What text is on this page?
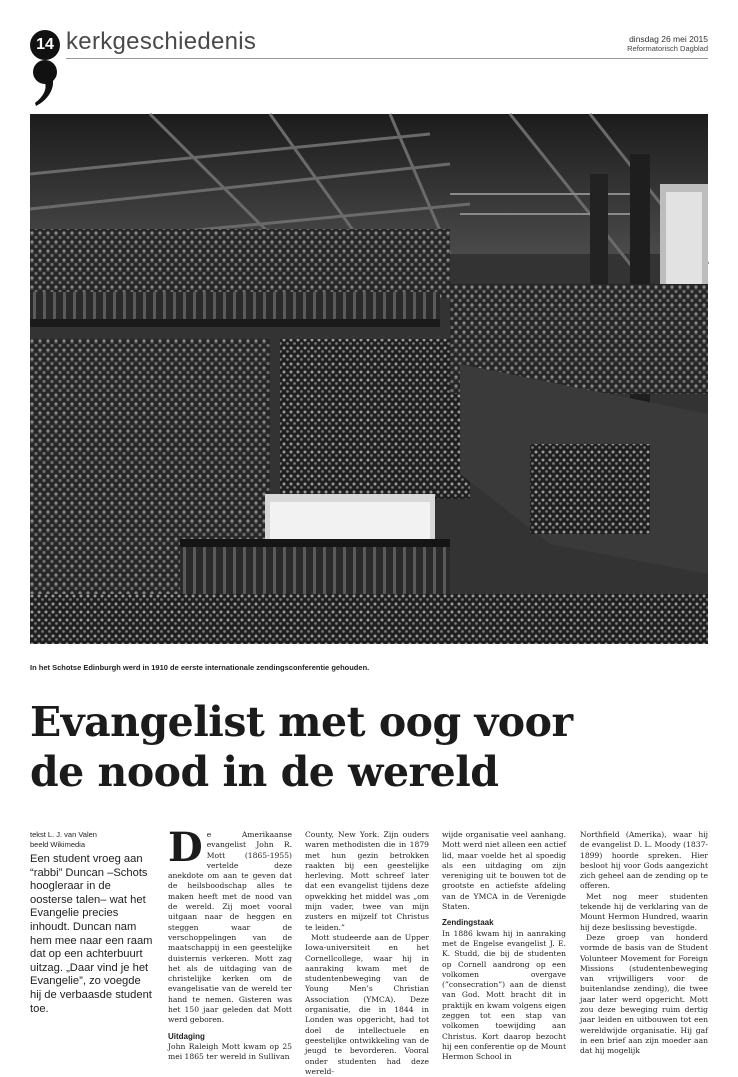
14 kerkgeschiedenis	dinsdag 26 mei 2015
Reformatorisch Dagblad
In het Schotse Edinburgh werd in 1910 de eerste internationale zendingsconferentie gehouden.
Evangelist met oog voor
de nood in de wereld
tekst L. J. van Valen
beeld Wikimedia
Een student vroeg aan “rabbi” Duncan –Schots hoogleraar in de oosterse talen– wat het Evangelie precies inhoudt. Duncan nam hem mee naar een raam dat op een achterbuurt uitzag. „Daar vind je het Evangelie”, zo voegde hij de verbaasde student toe.

De Amerikaanse evangelist John R. Mott (1865-1955) vertelde deze anekdote om aan te geven dat de heilsboodschap alles te maken heeft met de nood van de wereld. Zij moet vooral uitgaan naar de heggen en steggen waar de verschoppelingen van de maatschappij in een geestelijke duisternis verkeren. Mott zag het als de uitdaging van de christelijke kerken om de evangelisatie van de wereld ter hand te nemen. Gisteren was het 150 jaar geleden dat Mott werd geboren.

Uitdaging

John Raleigh Mott kwam op 25 mei 1865 ter wereld in Sullivan

County, New York. Zijn ouders waren methodisten die in 1879 met hun gezin betrokken raakten bij een geestelijke herleving. Mott schreef later dat een evangelist tijdens deze opwekking het middel was „om mijn vader, twee van mijn zusters en mijzelf tot Christus te leiden.”

Mott studeerde aan de Upper Iowa-universiteit en het Cornellcollege, waar hij in aanraking kwam met de studentenbeweging van de Young Men’s Christian Association (YMCA). Deze organisatie, die in 1844 in Londen was opgericht, had tot doel de intellectuele en geestelijke ontwikkeling van de jeugd te bevorderen. Vooral onder studenten had deze wereld-

wijde organisatie veel aanhang. Mott werd niet alleen een actief lid, maar voelde het al spoedig als een uitdaging om zijn vereniging uit te bouwen tot de grootste en actiefste afdeling van de YMCA in de Verenigde Staten.

Zendingstaak

In 1886 kwam hij in aanraking met de Engelse evangelist J. E. K. Studd, die bij de studenten op Cornell aandrong op een volkomen overgave (”consecration”) aan de dienst van God. Mott bracht dit in praktijk en kwam volgens eigen zeggen tot een stap van volkomen toewijding aan Christus. Kort daarop bezocht hij een conferentie op de Mount Hermon School in

Northfield (Amerika), waar hij de evangelist D. L. Moody (1837-1899) hoorde spreken. Hier besloot hij voor Gods aangezicht zich geheel aan de zending op te offeren.

Met nog meer studenten tekende hij de verklaring van de Mount Hermon Hundred, waarin hij deze beslissing bevestigde.

Deze groep van honderd vormde de basis van de Student Volunteer Movement for Foreign Missions (studentenbeweging van vrijwilligers voor de buitenlandse zending), die twee jaar later werd opgericht. Mott zou deze beweging ruim dertig jaar leiden en uitbouwen tot een wereldwijde organisatie. Hij gaf in een brief aan zijn moeder aan dat hij mogelijk
